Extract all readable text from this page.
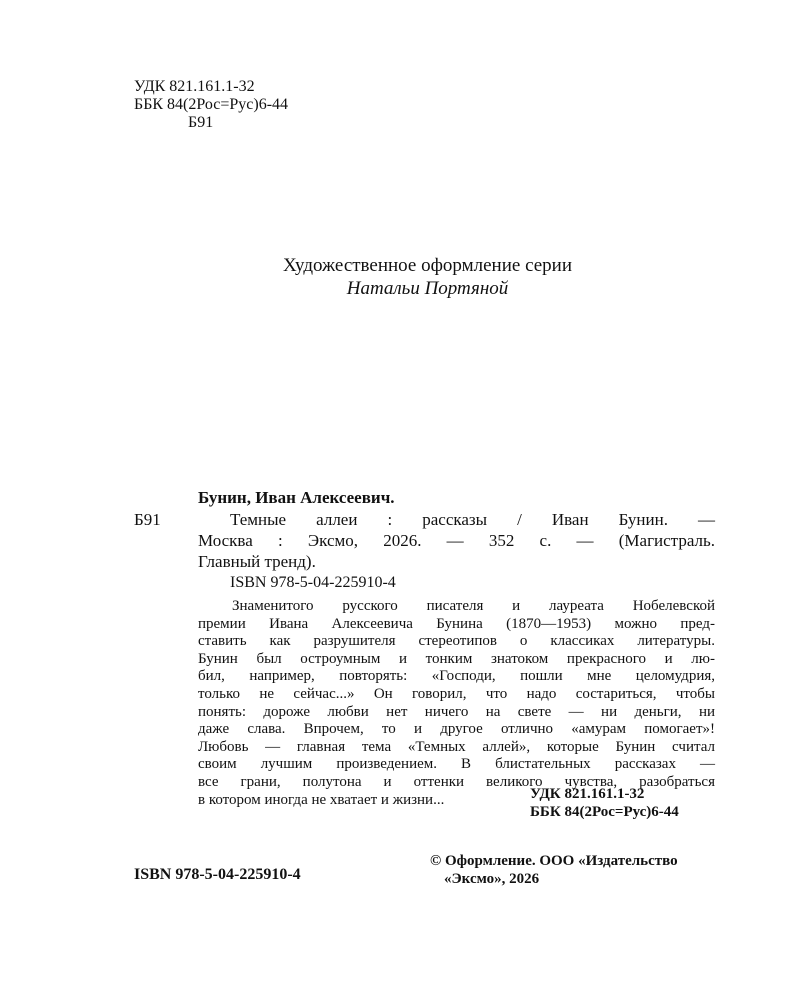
УДК 821.161.1-32
ББК 84(2Рос=Рус)6-44
Б91
Художественное оформление серии
Натальи Портяной
Бунин, Иван Алексеевич.
Б91	Темные аллеи : рассказы / Иван Бунин. —
Москва : Эксмо, 2026. — 352 с. — (Магистраль.
Главный тренд).
ISBN 978-5-04-225910-4
Знаменитого русского писателя и лауреата Нобелевской
премии Ивана Алексеевича Бунина (1870—1953) можно пред-
ставить как разрушителя стереотипов о классиках литературы.
Бунин был остроумным и тонким знатоком прекрасного и лю-
бил, например, повторять: «Господи, пошли мне целомудрия,
только не сейчас...» Он говорил, что надо состариться, чтобы
понять: дороже любви нет ничего на свете — ни деньги, ни
даже слава. Впрочем, то и другое отлично «амурам помогает»!
Любовь — главная тема «Темных аллей», которые Бунин считал
своим лучшим произведением. В блистательных рассказах —
все грани, полутона и оттенки великого чувства, разобраться
в котором иногда не хватает и жизни...	УДК 821.161.1-32
ББК 84(2Рос=Рус)6-44
ISBN 978-5-04-225910-4
© Оформление. ООО «Издательство
«Эксмо», 2026
